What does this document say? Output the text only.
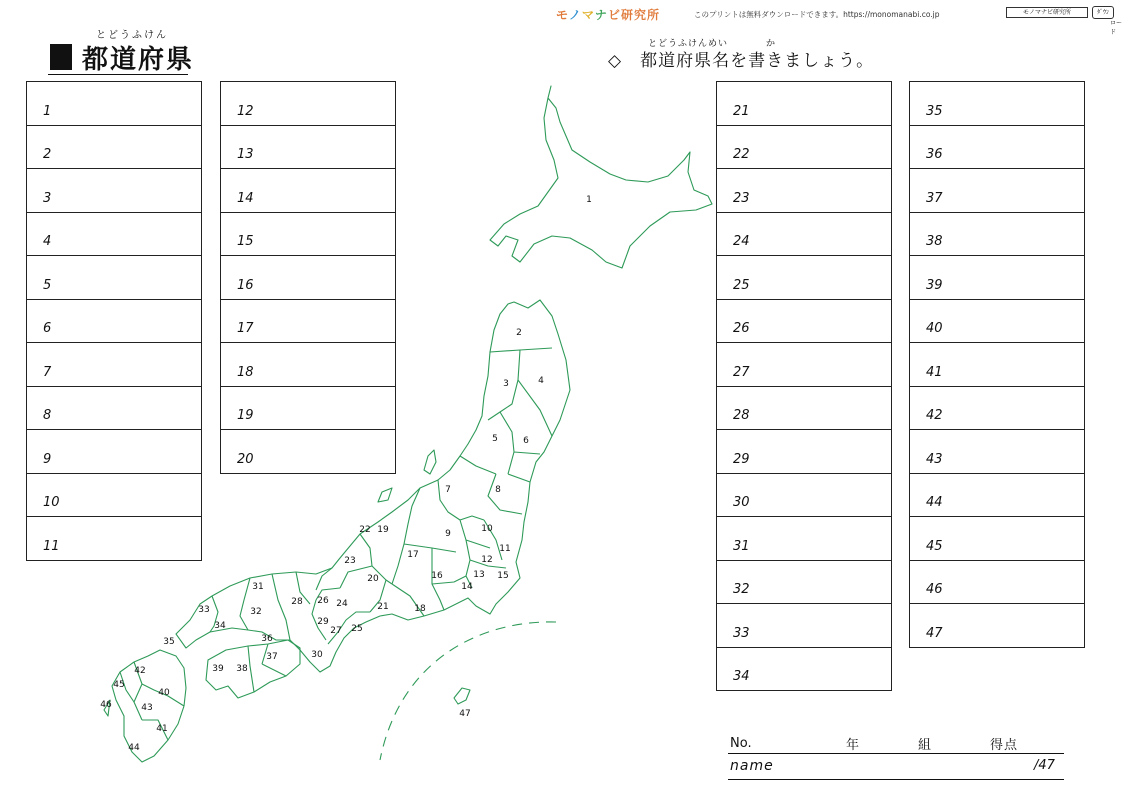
とどうふけん
都道府県
モノマナビ研究所	このプリントは無料ダウンロードできます。https://monomanabi.co.jp	モノマナビ研究所	ﾀﾞｳﾝ
ロード
とどうふけんめい	か
◇　都道府県名を書きましょう。
1
2
3
4
5
6
7
8
9
10
11
12
13
14
15
16
17
18
19
20
21
22
23
24
25
26
27
28
29
30
31
32
33
34
35
36
37
38
39
40
41
42
43
44
45
46
47
1
2
3	4
5	6
7	8
9	10
11
12
13
14
15
16
17
18
19
20
21
22
23
24
25
26
27
28
29
30
31
32
33
34
35	36
37
38
39
40
41
42
43
44
45
46
47
No.	年	組	得点
name	/47
